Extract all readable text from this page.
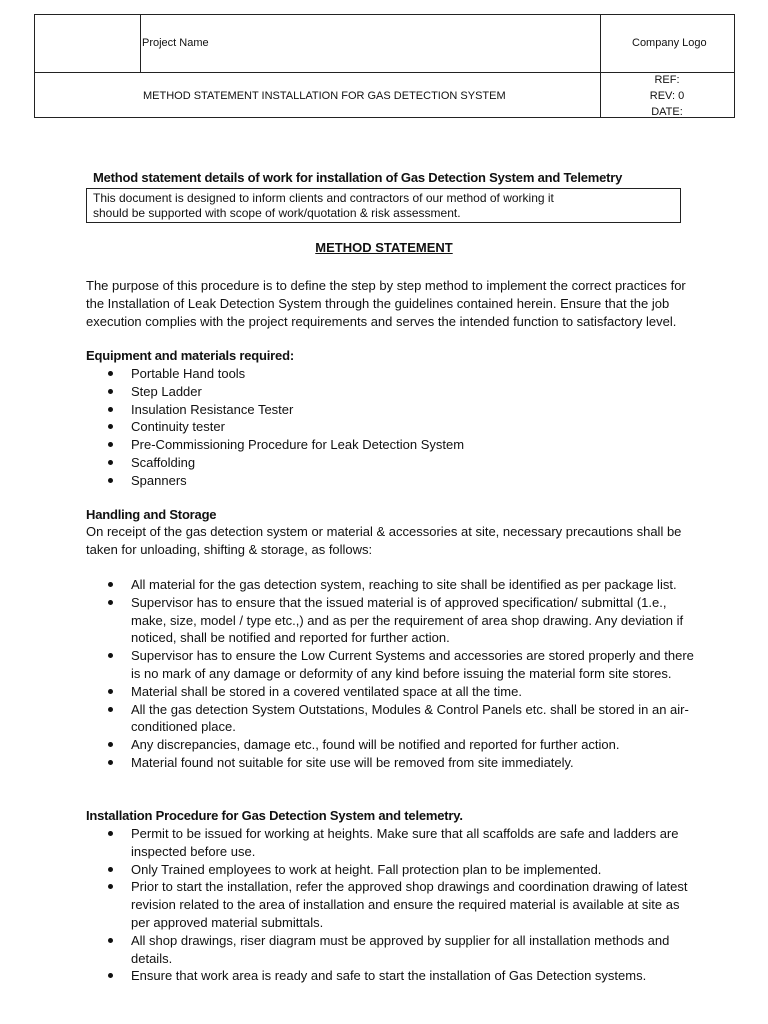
Project Name	Company Logo
METHOD STATEMENT INSTALLATION FOR GAS DETECTION SYSTEM
REF:
REV: 0
DATE:
Method statement details of work for installation of Gas Detection System and Telemetry
This document is designed to inform clients and contractors of our method of working it
should be supported with scope of work/quotation & risk assessment.
METHOD STATEMENT
The purpose of this procedure is to define the step by step method to implement the correct practices for
the Installation of Leak Detection System through the guidelines contained herein. Ensure that the job
execution complies with the project requirements and serves the intended function to satisfactory level.
Equipment and materials required:
Portable Hand tools
Step Ladder
Insulation Resistance Tester
Continuity tester
Pre-Commissioning Procedure for Leak Detection System
Scaffolding
Spanners
Handling and Storage
On receipt of the gas detection system or material & accessories at site, necessary precautions shall be
taken for unloading, shifting & storage, as follows:
All material for the gas detection system, reaching to site shall be identified as per package list.
Supervisor has to ensure that the issued material is of approved specification/ submittal (1.e.,
make, size, model / type etc.,) and as per the requirement of area shop drawing. Any deviation if
noticed, shall be notified and reported for further action.
Supervisor has to ensure the Low Current Systems and accessories are stored properly and there
is no mark of any damage or deformity of any kind before issuing the material form site stores.
Material shall be stored in a covered ventilated space at all the time.
All the gas detection System Outstations, Modules & Control Panels etc. shall be stored in an air-
conditioned place.
Any discrepancies, damage etc., found will be notified and reported for further action.
Material found not suitable for site use will be removed from site immediately.
Installation Procedure for Gas Detection System and telemetry.
Permit to be issued for working at heights. Make sure that all scaffolds are safe and ladders are
inspected before use.
Only Trained employees to work at height. Fall protection plan to be implemented.
Prior to start the installation, refer the approved shop drawings and coordination drawing of latest
revision related to the area of installation and ensure the required material is available at site as
per approved material submittals.
All shop drawings, riser diagram must be approved by supplier for all installation methods and
details.
Ensure that work area is ready and safe to start the installation of Gas Detection systems.
